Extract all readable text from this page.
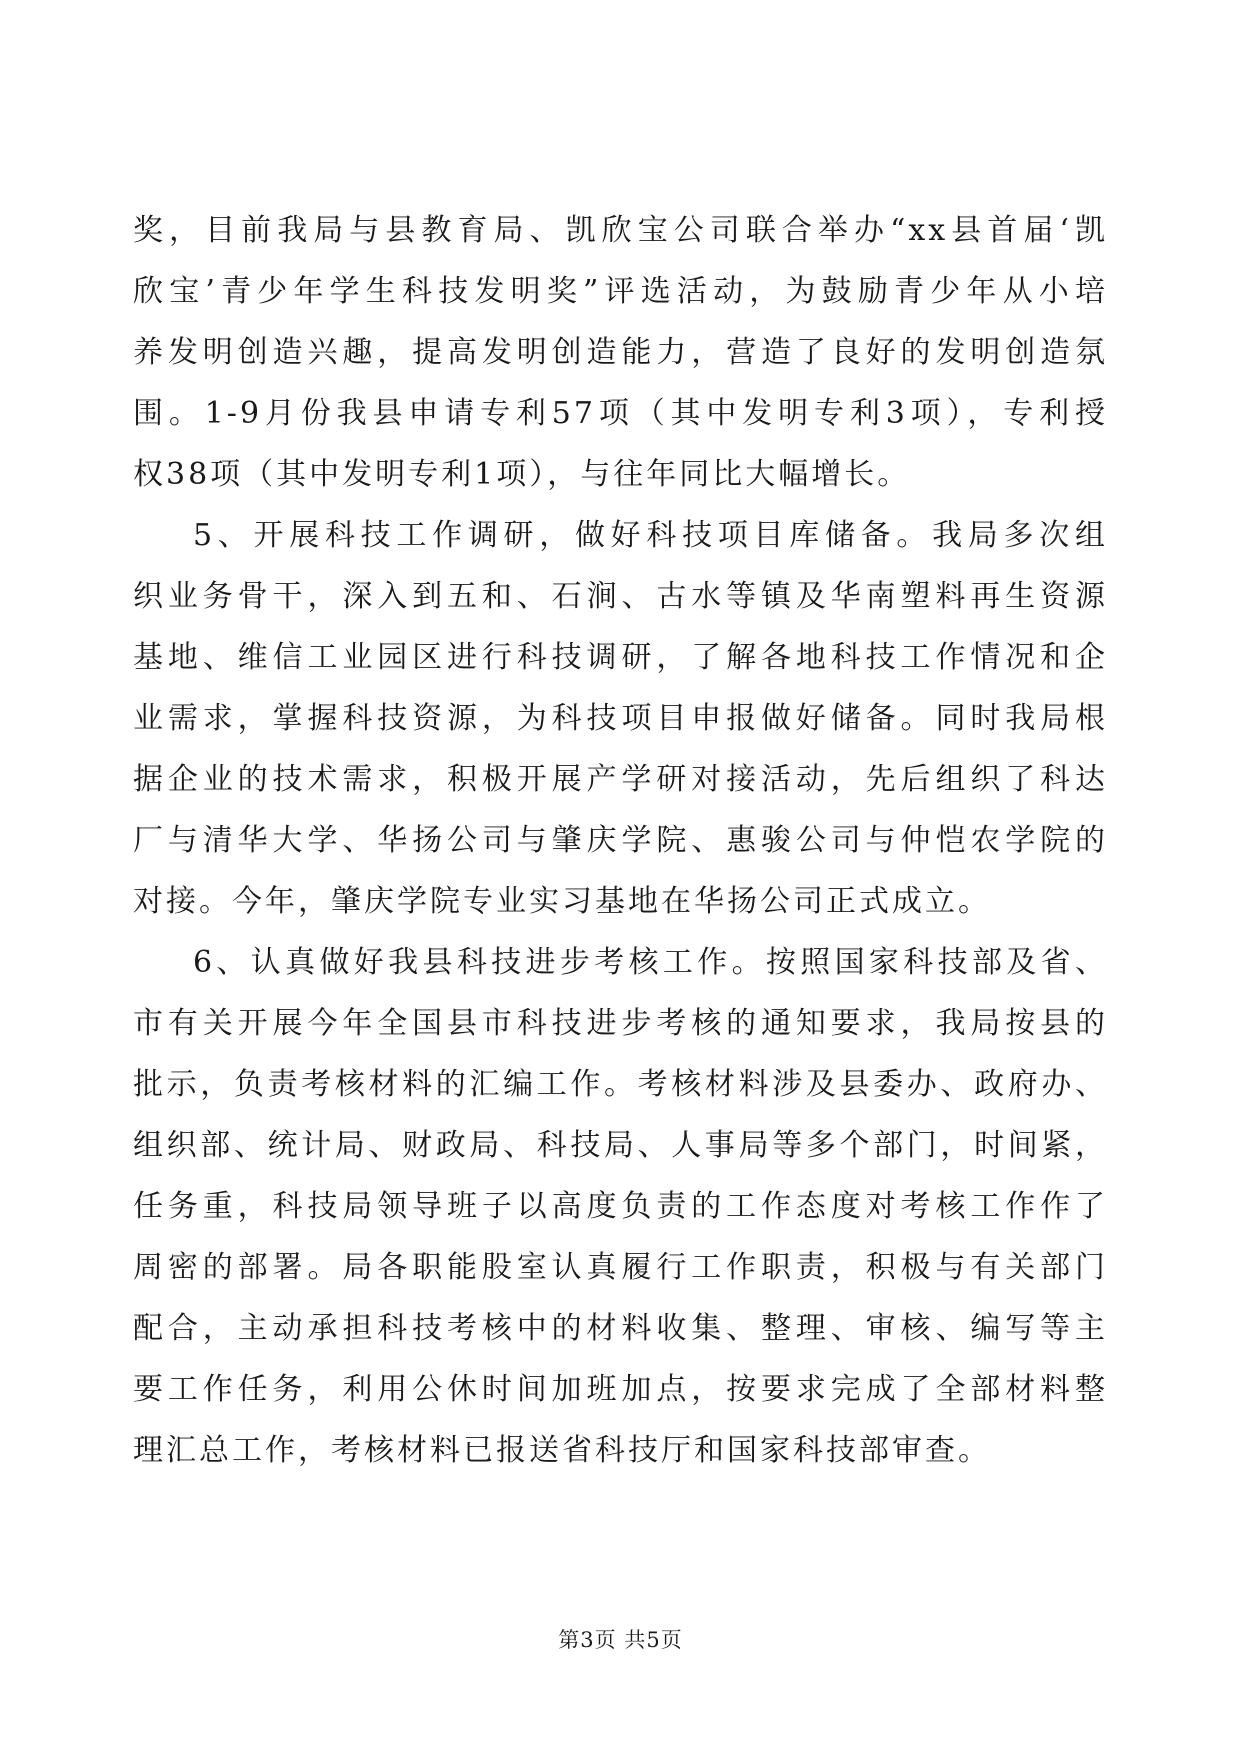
奖，目前我局与县教育局、凯欣宝公司联合举办“xx县首届‘凯
欣宝’青少年学生科技发明奖”评选活动，为鼓励青少年从小培
养发明创造兴趣，提高发明创造能力，营造了良好的发明创造氛
围。1-9月份我县申请专利57项（其中发明专利3项），专利授
权38项（其中发明专利1项），与往年同比大幅增长。
5、开展科技工作调研，做好科技项目库储备。我局多次组
织业务骨干，深入到五和、石涧、古水等镇及华南塑料再生资源
基地、维信工业园区进行科技调研，了解各地科技工作情况和企
业需求，掌握科技资源，为科技项目申报做好储备。同时我局根
据企业的技术需求，积极开展产学研对接活动，先后组织了科达
厂与清华大学、华扬公司与肇庆学院、惠骏公司与仲恺农学院的
对接。今年，肇庆学院专业实习基地在华扬公司正式成立。
6、认真做好我县科技进步考核工作。按照国家科技部及省、
市有关开展今年全国县市科技进步考核的通知要求，我局按县的
批示，负责考核材料的汇编工作。考核材料涉及县委办、政府办、
组织部、统计局、财政局、科技局、人事局等多个部门，时间紧，
任务重，科技局领导班子以高度负责的工作态度对考核工作作了
周密的部署。局各职能股室认真履行工作职责，积极与有关部门
配合，主动承担科技考核中的材料收集、整理、审核、编写等主
要工作任务，利用公休时间加班加点，按要求完成了全部材料整
理汇总工作，考核材料已报送省科技厅和国家科技部审查。
第3页 共5页
